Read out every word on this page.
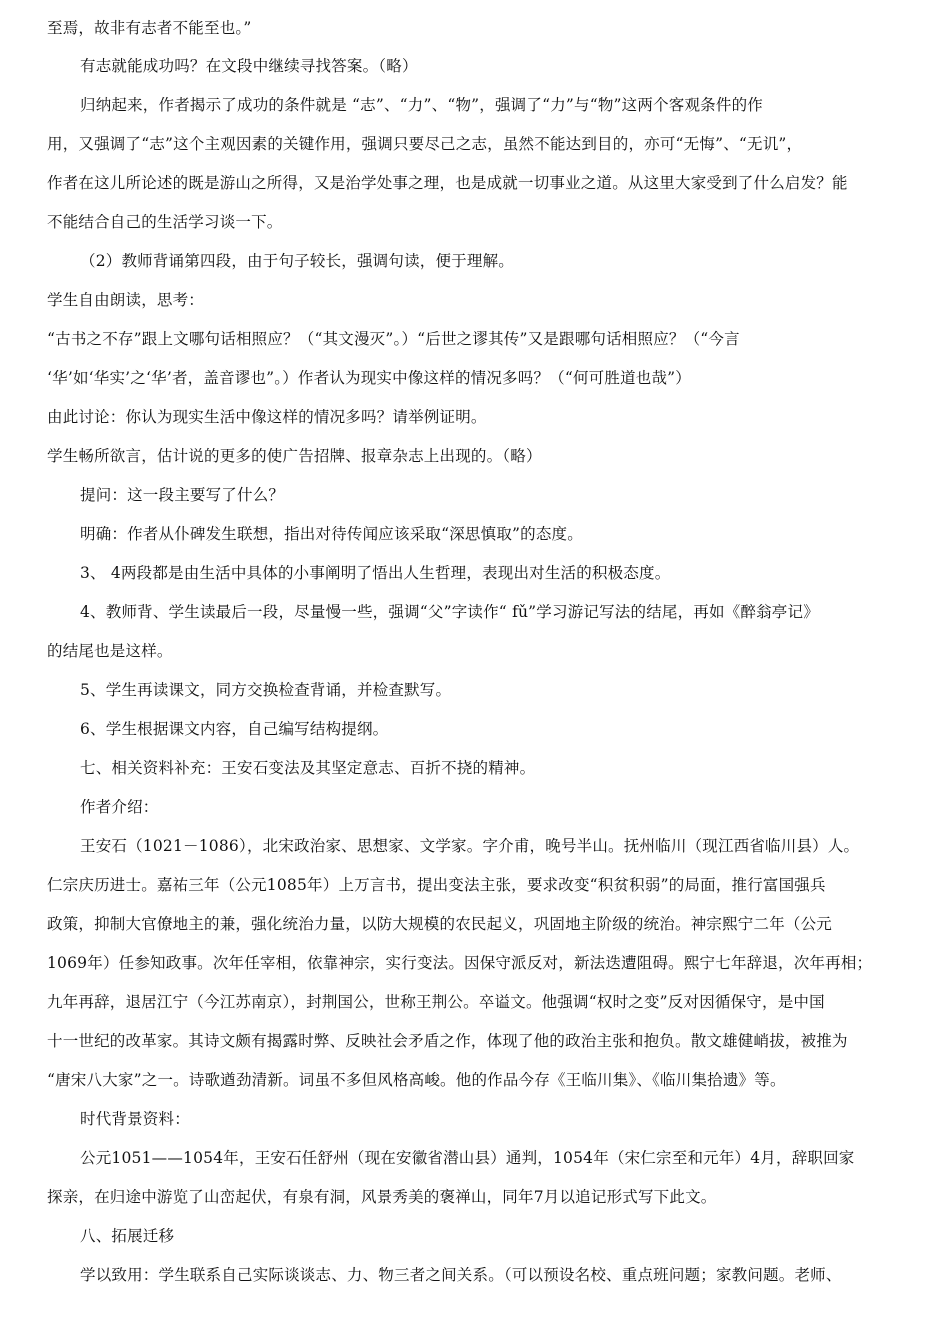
至焉，故非有志者不能至也。”
有志就能成功吗？在文段中继续寻找答案。（略）
归纳起来，作者揭示了成功的条件就是 “志”、“力”、“物”，强调了“力”与“物”这两个客观条件的作
用，又强调了“志”这个主观因素的关键作用，强调只要尽己之志，虽然不能达到目的，亦可“无悔”、“无讥”，
作者在这儿所论述的既是游山之所得，又是治学处事之理，也是成就一切事业之道。从这里大家受到了什么启发？能
不能结合自己的生活学习谈一下。
（2）教师背诵第四段，由于句子较长，强调句读，便于理解。
学生自由朗读，思考：
“古书之不存”跟上文哪句话相照应？（“其文漫灭”。）“后世之谬其传”又是跟哪句话相照应？（“今言
‘华’如‘华实’之‘华’者，盖音谬也”。）作者认为现实中像这样的情况多吗？（“何可胜道也哉”）
由此讨论：你认为现实生活中像这样的情况多吗？请举例证明。
学生畅所欲言，估计说的更多的使广告招牌、报章杂志上出现的。（略）
提问：这一段主要写了什么？
明确：作者从仆碑发生联想，指出对待传闻应该采取“深思慎取”的态度。
3、 4两段都是由生活中具体的小事阐明了悟出人生哲理，表现出对生活的积极态度。
4、教师背、学生读最后一段，尽量慢一些，强调“父”字读作“ fǔ”学习游记写法的结尾，再如《醉翁亭记》
的结尾也是这样。
5、学生再读课文，同方交换检查背诵，并检查默写。
6、学生根据课文内容，自己编写结构提纲。
七、相关资料补充：王安石变法及其坚定意志、百折不挠的精神。
作者介绍：
王安石（1021－1086），北宋政治家、思想家、文学家。字介甫，晚号半山。抚州临川（现江西省临川县）人。
仁宗庆历进士。嘉祐三年（公元1085年）上万言书，提出变法主张，要求改变“积贫积弱”的局面，推行富国强兵
政策，抑制大官僚地主的兼，强化统治力量，以防大规模的农民起义，巩固地主阶级的统治。神宗熙宁二年（公元
1069年）任参知政事。次年任宰相，依靠神宗，实行变法。因保守派反对，新法迭遭阻碍。熙宁七年辞退，次年再相；
九年再辞，退居江宁（今江苏南京），封荆国公，世称王荆公。卒谥文。他强调“权时之变”反对因循保守，是中国
十一世纪的改革家。其诗文颇有揭露时弊、反映社会矛盾之作，体现了他的政治主张和抱负。散文雄健峭拔，被推为
“唐宋八大家”之一。诗歌遒劲清新。词虽不多但风格高峻。他的作品今存《王临川集》、《临川集拾遗》等。
时代背景资料：
公元1051——1054年，王安石任舒州（现在安徽省潜山县）通判，1054年（宋仁宗至和元年）4月，辞职回家
探亲，在归途中游览了山峦起伏，有泉有洞，风景秀美的褒禅山，同年7月以追记形式写下此文。
八、拓展迁移
学以致用：学生联系自己实际谈谈志、力、物三者之间关系。（可以预设名校、重点班问题；家教问题。老师、
